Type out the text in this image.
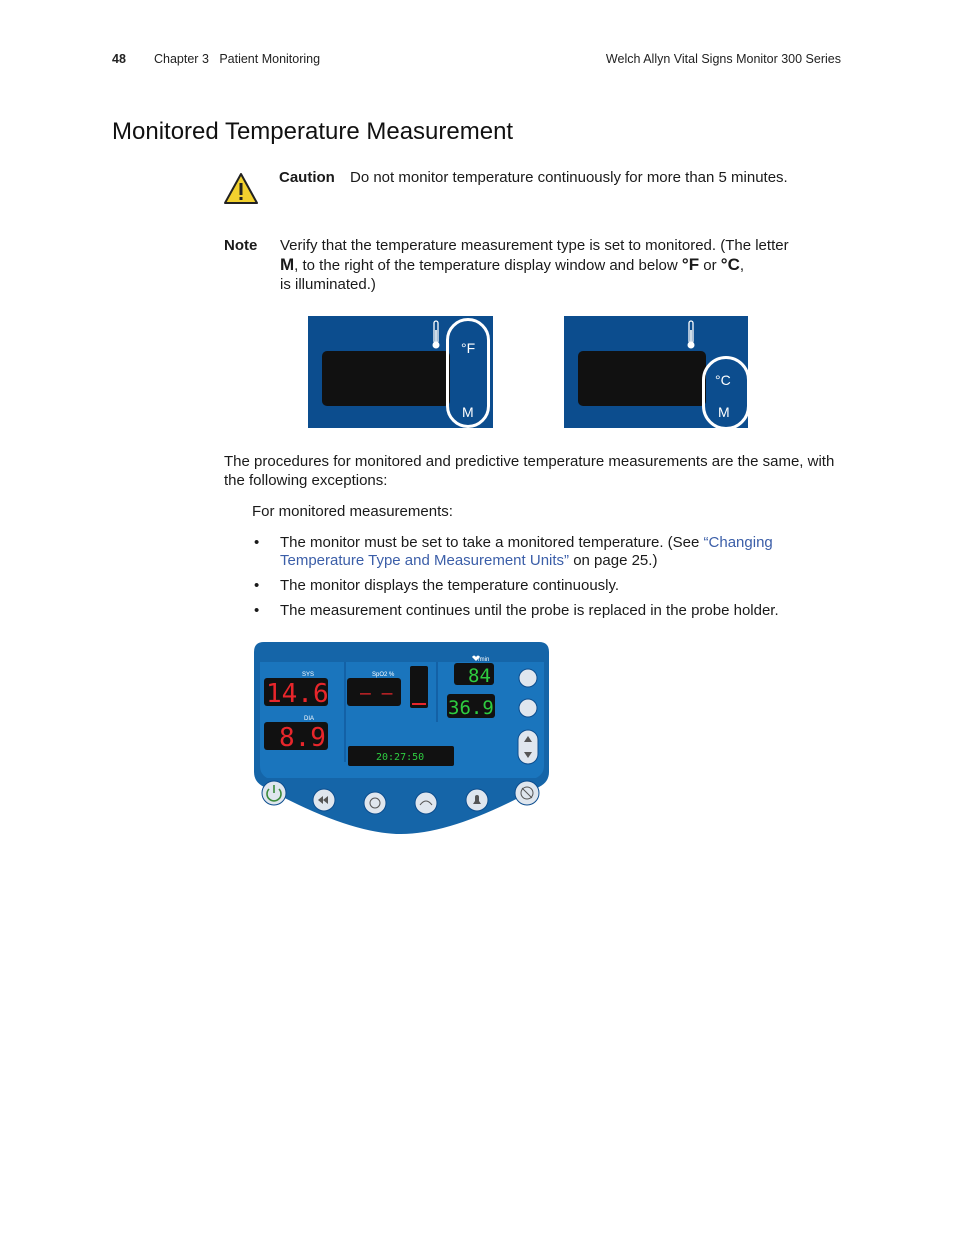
48 Chapter 3   Patient Monitoring	Welch Allyn Vital Signs Monitor 300 Series
Monitored Temperature Measurement
Caution Do not monitor temperature continuously for more than 5 minutes.
Note Verify that the temperature measurement type is set to monitored. (The letter
M, to the right of the temperature display window and below °F or °C,
is illuminated.)
°F
M
°C
M
The procedures for monitored and predictive temperature measurements are the same, with the following exceptions:
For monitored measurements:
• The monitor must be set to take a monitored temperature. (See “Changing Temperature Type and Measurement Units” on page 25.)
• The monitor displays the temperature continuously.
• The measurement continues until the probe is replaced in the probe holder.
SYS
14.6
DIA
8.9
SpO2 %
– –
20:27:50
/min
84
36.9
